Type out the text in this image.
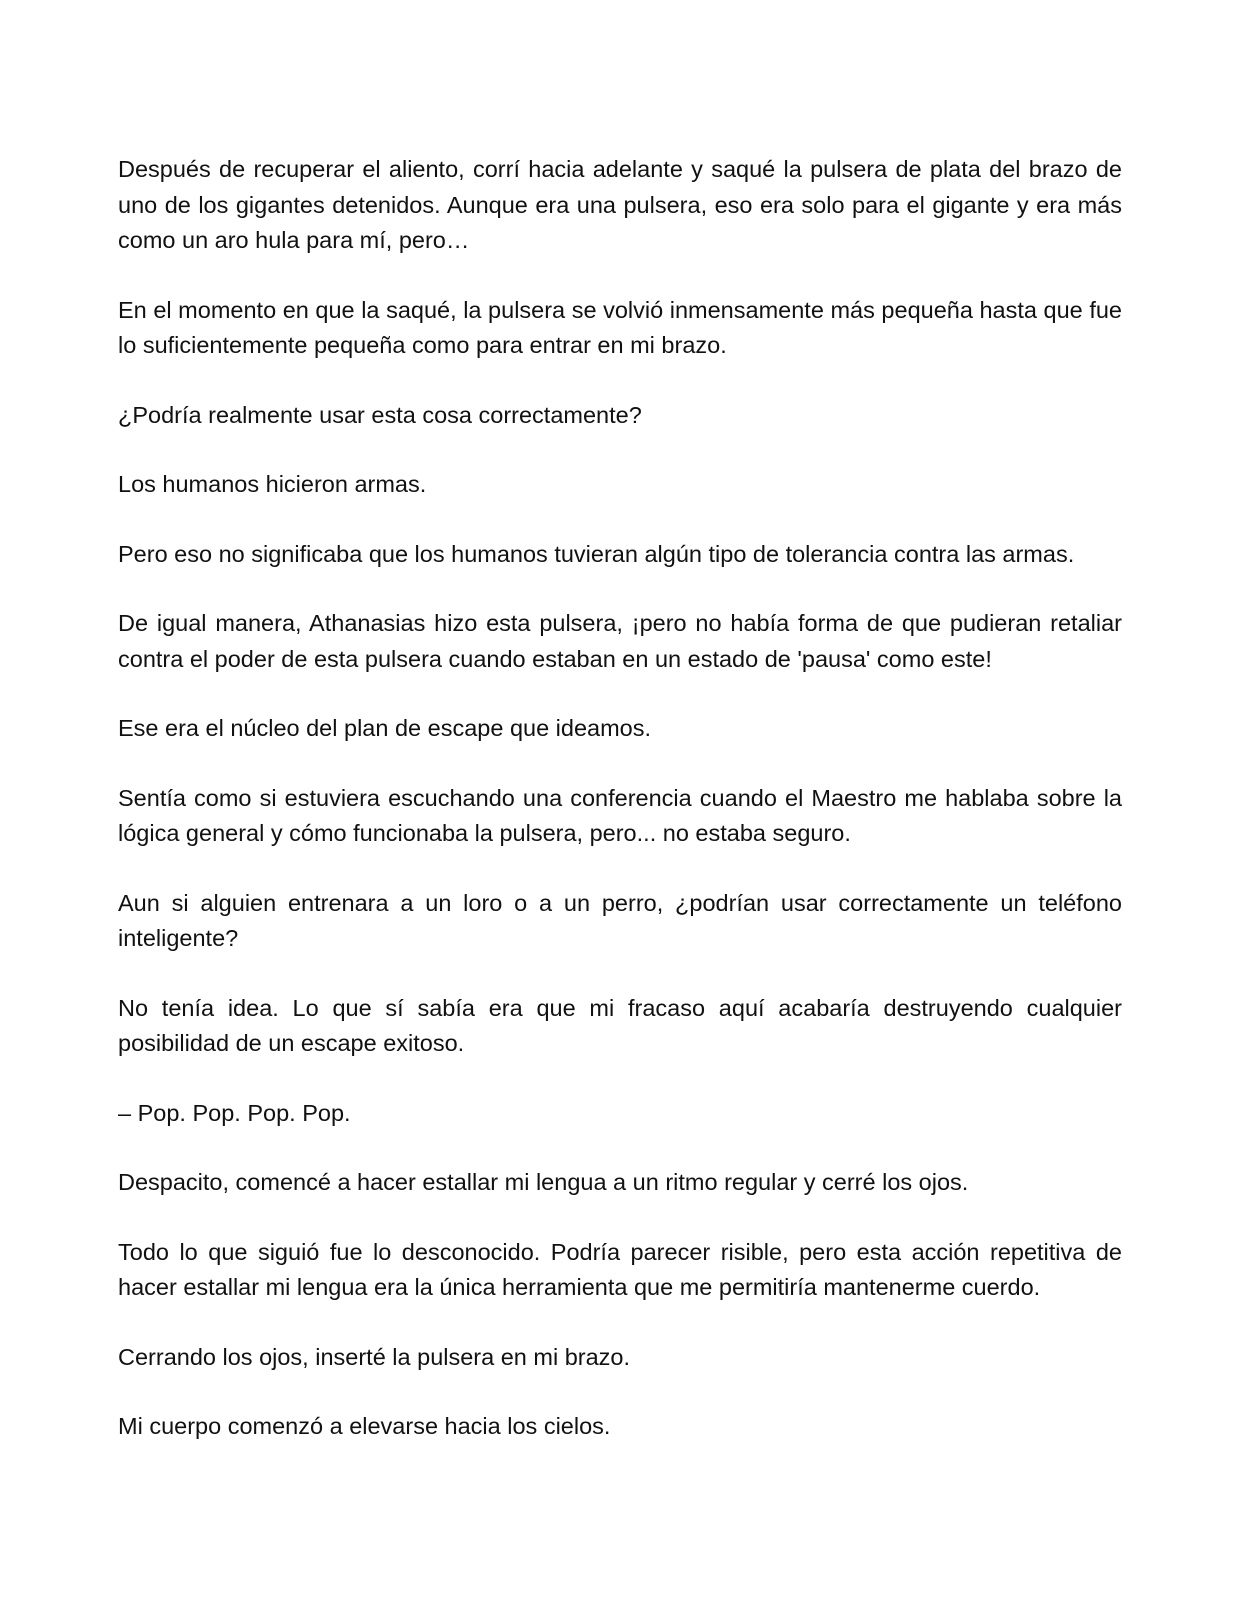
Después de recuperar el aliento, corrí hacia adelante y saqué la pulsera de plata del brazo de uno de los gigantes detenidos. Aunque era una pulsera, eso era solo para el gigante y era más como un aro hula para mí, pero…

En el momento en que la saqué, la pulsera se volvió inmensamente más pequeña hasta que fue lo suficientemente pequeña como para entrar en mi brazo.

¿Podría realmente usar esta cosa correctamente?

Los humanos hicieron armas.

Pero eso no significaba que los humanos tuvieran algún tipo de tolerancia contra las armas.

De igual manera, Athanasias hizo esta pulsera, ¡pero no había forma de que pudieran retaliar contra el poder de esta pulsera cuando estaban en un estado de 'pausa' como este!

Ese era el núcleo del plan de escape que ideamos.

Sentía como si estuviera escuchando una conferencia cuando el Maestro me hablaba sobre la lógica general y cómo funcionaba la pulsera, pero... no estaba seguro.

Aun si alguien entrenara a un loro o a un perro, ¿podrían usar correctamente un teléfono inteligente?

No tenía idea. Lo que sí sabía era que mi fracaso aquí acabaría destruyendo cualquier posibilidad de un escape exitoso.

– Pop. Pop. Pop. Pop.

Despacito, comencé a hacer estallar mi lengua a un ritmo regular y cerré los ojos.

Todo lo que siguió fue lo desconocido. Podría parecer risible, pero esta acción repetitiva de hacer estallar mi lengua era la única herramienta que me permitiría mantenerme cuerdo.

Cerrando los ojos, inserté la pulsera en mi brazo.

Mi cuerpo comenzó a elevarse hacia los cielos.
